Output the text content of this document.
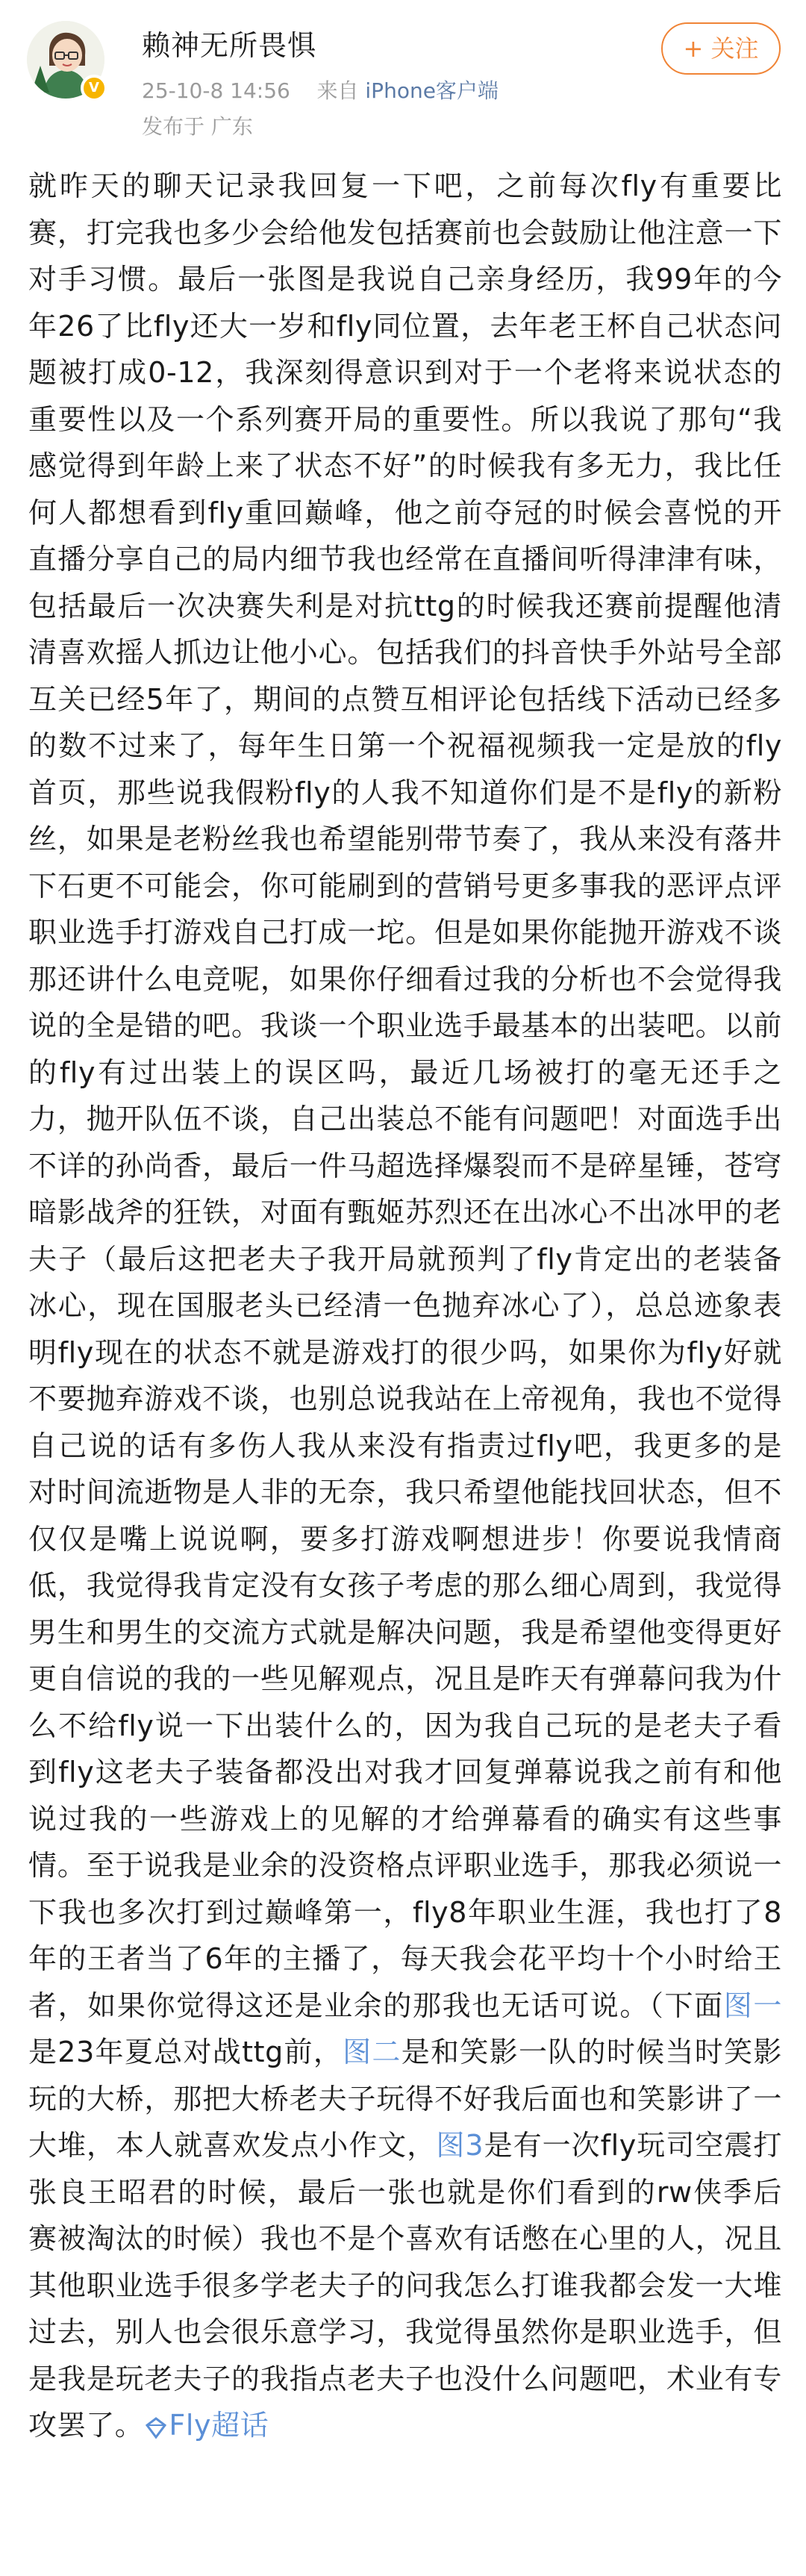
V
赖神无所畏惧
25-10-8 14:56 来自 iPhone客户端
发布于 广东
+ 关注
就昨天的聊天记录我回复一下吧，之前每次fly有重要比赛，打完我也多少会给他发包括赛前也会鼓励让他注意一下对手习惯。最后一张图是我说自己亲身经历，我99年的今年26了比fly还大一岁和fly同位置，去年老王杯自己状态问题被打成0-12，我深刻得意识到对于一个老将来说状态的重要性以及一个系列赛开局的重要性。所以我说了那句“我感觉得到年龄上来了状态不好”的时候我有多无力，我比任何人都想看到fly重回巅峰，他之前夺冠的时候会喜悦的开直播分享自己的局内细节我也经常在直播间听得津津有味，包括最后一次决赛失利是对抗ttg的时候我还赛前提醒他清清喜欢摇人抓边让他小心。包括我们的抖音快手外站号全部互关已经5年了，期间的点赞互相评论包括线下活动已经多的数不过来了，每年生日第一个祝福视频我一定是放的fly首页，那些说我假粉fly的人我不知道你们是不是fly的新粉丝，如果是老粉丝我也希望能别带节奏了，我从来没有落井下石更不可能会，你可能刷到的营销号更多事我的恶评点评职业选手打游戏自己打成一坨。但是如果你能抛开游戏不谈那还讲什么电竞呢，如果你仔细看过我的分析也不会觉得我说的全是错的吧。我谈一个职业选手最基本的出装吧。以前的fly有过出装上的误区吗，最近几场被打的毫无还手之力，抛开队伍不谈，自己出装总不能有问题吧！对面选手出不详的孙尚香，最后一件马超选择爆裂而不是碎星锤，苍穹暗影战斧的狂铁，对面有甄姬苏烈还在出冰心不出冰甲的老夫子（最后这把老夫子我开局就预判了fly肯定出的老装备冰心，现在国服老头已经清一色抛弃冰心了），总总迹象表明fly现在的状态不就是游戏打的很少吗，如果你为fly好就不要抛弃游戏不谈，也别总说我站在上帝视角，我也不觉得自己说的话有多伤人我从来没有指责过fly吧，我更多的是对时间流逝物是人非的无奈，我只希望他能找回状态，但不仅仅是嘴上说说啊，要多打游戏啊想进步！你要说我情商低，我觉得我肯定没有女孩子考虑的那么细心周到，我觉得男生和男生的交流方式就是解决问题，我是希望他变得更好更自信说的我的一些见解观点，况且是昨天有弹幕问我为什么不给fly说一下出装什么的，因为我自己玩的是老夫子看到fly这老夫子装备都没出对我才回复弹幕说我之前有和他说过我的一些游戏上的见解的才给弹幕看的确实有这些事情。至于说我是业余的没资格点评职业选手，那我必须说一下我也多次打到过巅峰第一，fly8年职业生涯，我也打了8年的王者当了6年的主播了，每天我会花平均十个小时给王者，如果你觉得这还是业余的那我也无话可说。（下面图一是23年夏总对战ttg前，图二是和笑影一队的时候当时笑影玩的大桥，那把大桥老夫子玩得不好我后面也和笑影讲了一大堆，本人就喜欢发点小作文，图3是有一次fly玩司空震打张良王昭君的时候，最后一张也就是你们看到的rw侠季后赛被淘汰的时候）我也不是个喜欢有话憋在心里的人，况且其他职业选手很多学老夫子的问我怎么打谁我都会发一大堆过去，别人也会很乐意学习，我觉得虽然你是职业选手，但是我是玩老夫子的我指点老夫子也没什么问题吧，术业有专攻罢了。 Fly超话
